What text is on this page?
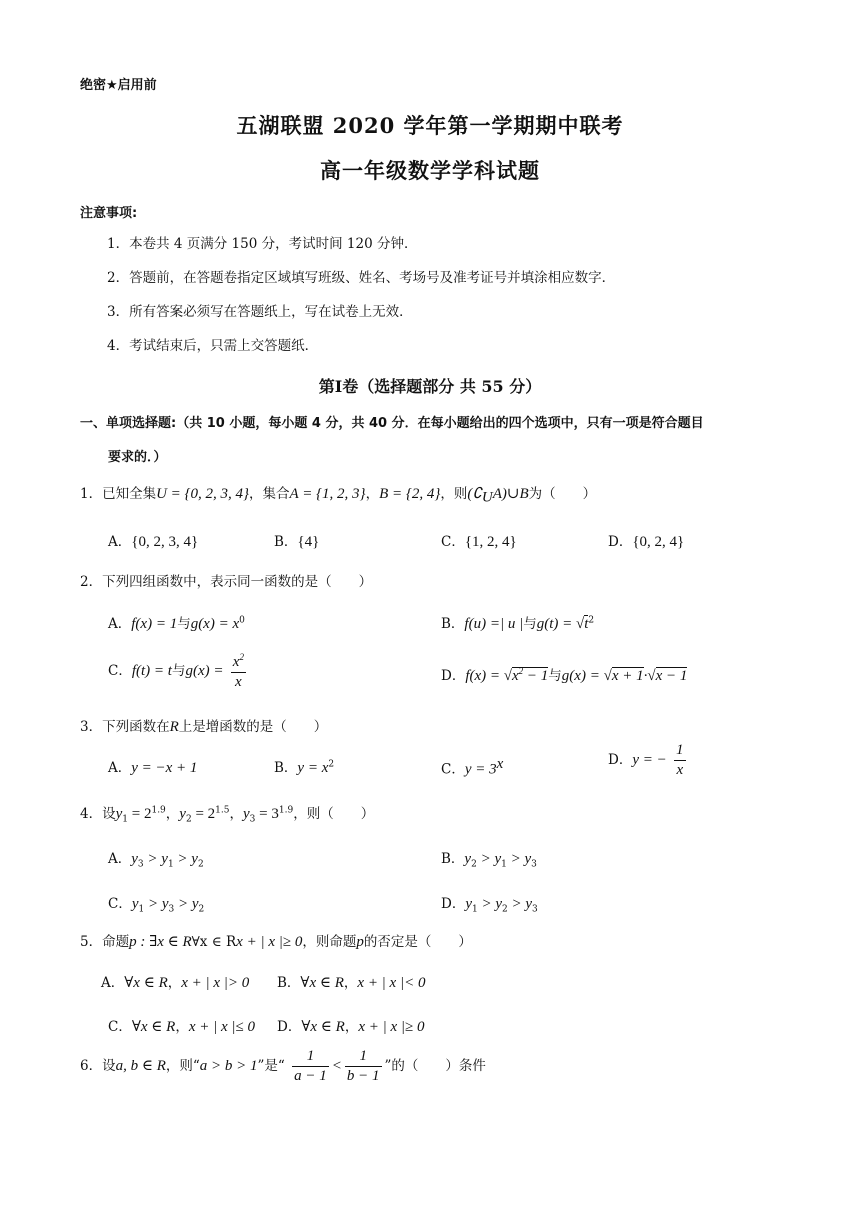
绝密★启用前
五湖联盟 2020 学年第一学期期中联考
高一年级数学学科试题
注意事项:
1．本卷共 4 页满分 150 分，考试时间 120 分钟．
2．答题前，在答题卷指定区域填写班级、姓名、考场号及准考证号并填涂相应数字．
3．所有答案必须写在答题纸上，写在试卷上无效．
4．考试结束后，只需上交答题纸．
第Ⅰ卷（选择题部分 共 55 分）
一、单项选择题:（共 10 小题，每小题 4 分，共 40 分．在每小题给出的四个选项中，只有一项是符合题目
要求的．）
1．已知全集U = {0, 2, 3, 4}，集合A = {1, 2, 3}，B = {2, 4}，则$(∁_UA)\cup B$为（　　）
A．{0, 2, 3, 4}	B．{4}	C．{1, 2, 4}	D．{0, 2, 4}
2．下列四组函数中，表示同一函数的是（　　）
A．f(x) = 1与$g(x) = x^0$	B．f(u) =| u |与$g(t) = √t^2$
C．f(t) = t与$g(x) = \frac{x^2}{x}$	D．$f(x) = √x^2 - 1$与g(x) = √x + 1·√x − 1
3．下列函数在R上是增函数的是（　　）
A．y = −x + 1	B．$y = x^2$	C．$y = 3^x$	D．y = − $\frac{1}{x}$
4．设$y_1 = 2^{1.9}$，$y_2 = 2^{1.5}$，$y_3 = 3^{1.9}$，则（　　）
A．$y_3 > y_1 > y_2$	B．$y_2 > y_1 > y_3$
C．$y_1 > y_3 > y_2$	D．$y_1 > y_2 > y_3$
5．命题p : ∃x ∈ R∀x ∈ Rx + | x |≥ 0，则命题p的否定是（　　）
A．∀x ∈ R，x + | x |> 0 B．∀x ∈ R，x + | x |< 0
C．∀x ∈ R，x + | x |≤ 0 D．∀x ∈ R，x + | x |≥ 0
6．设a, b ∈ R，则“a > b > 1”是“ $\frac{1}{a - 1} < \frac{1}{b - 1}$ ”的（　　）条件
